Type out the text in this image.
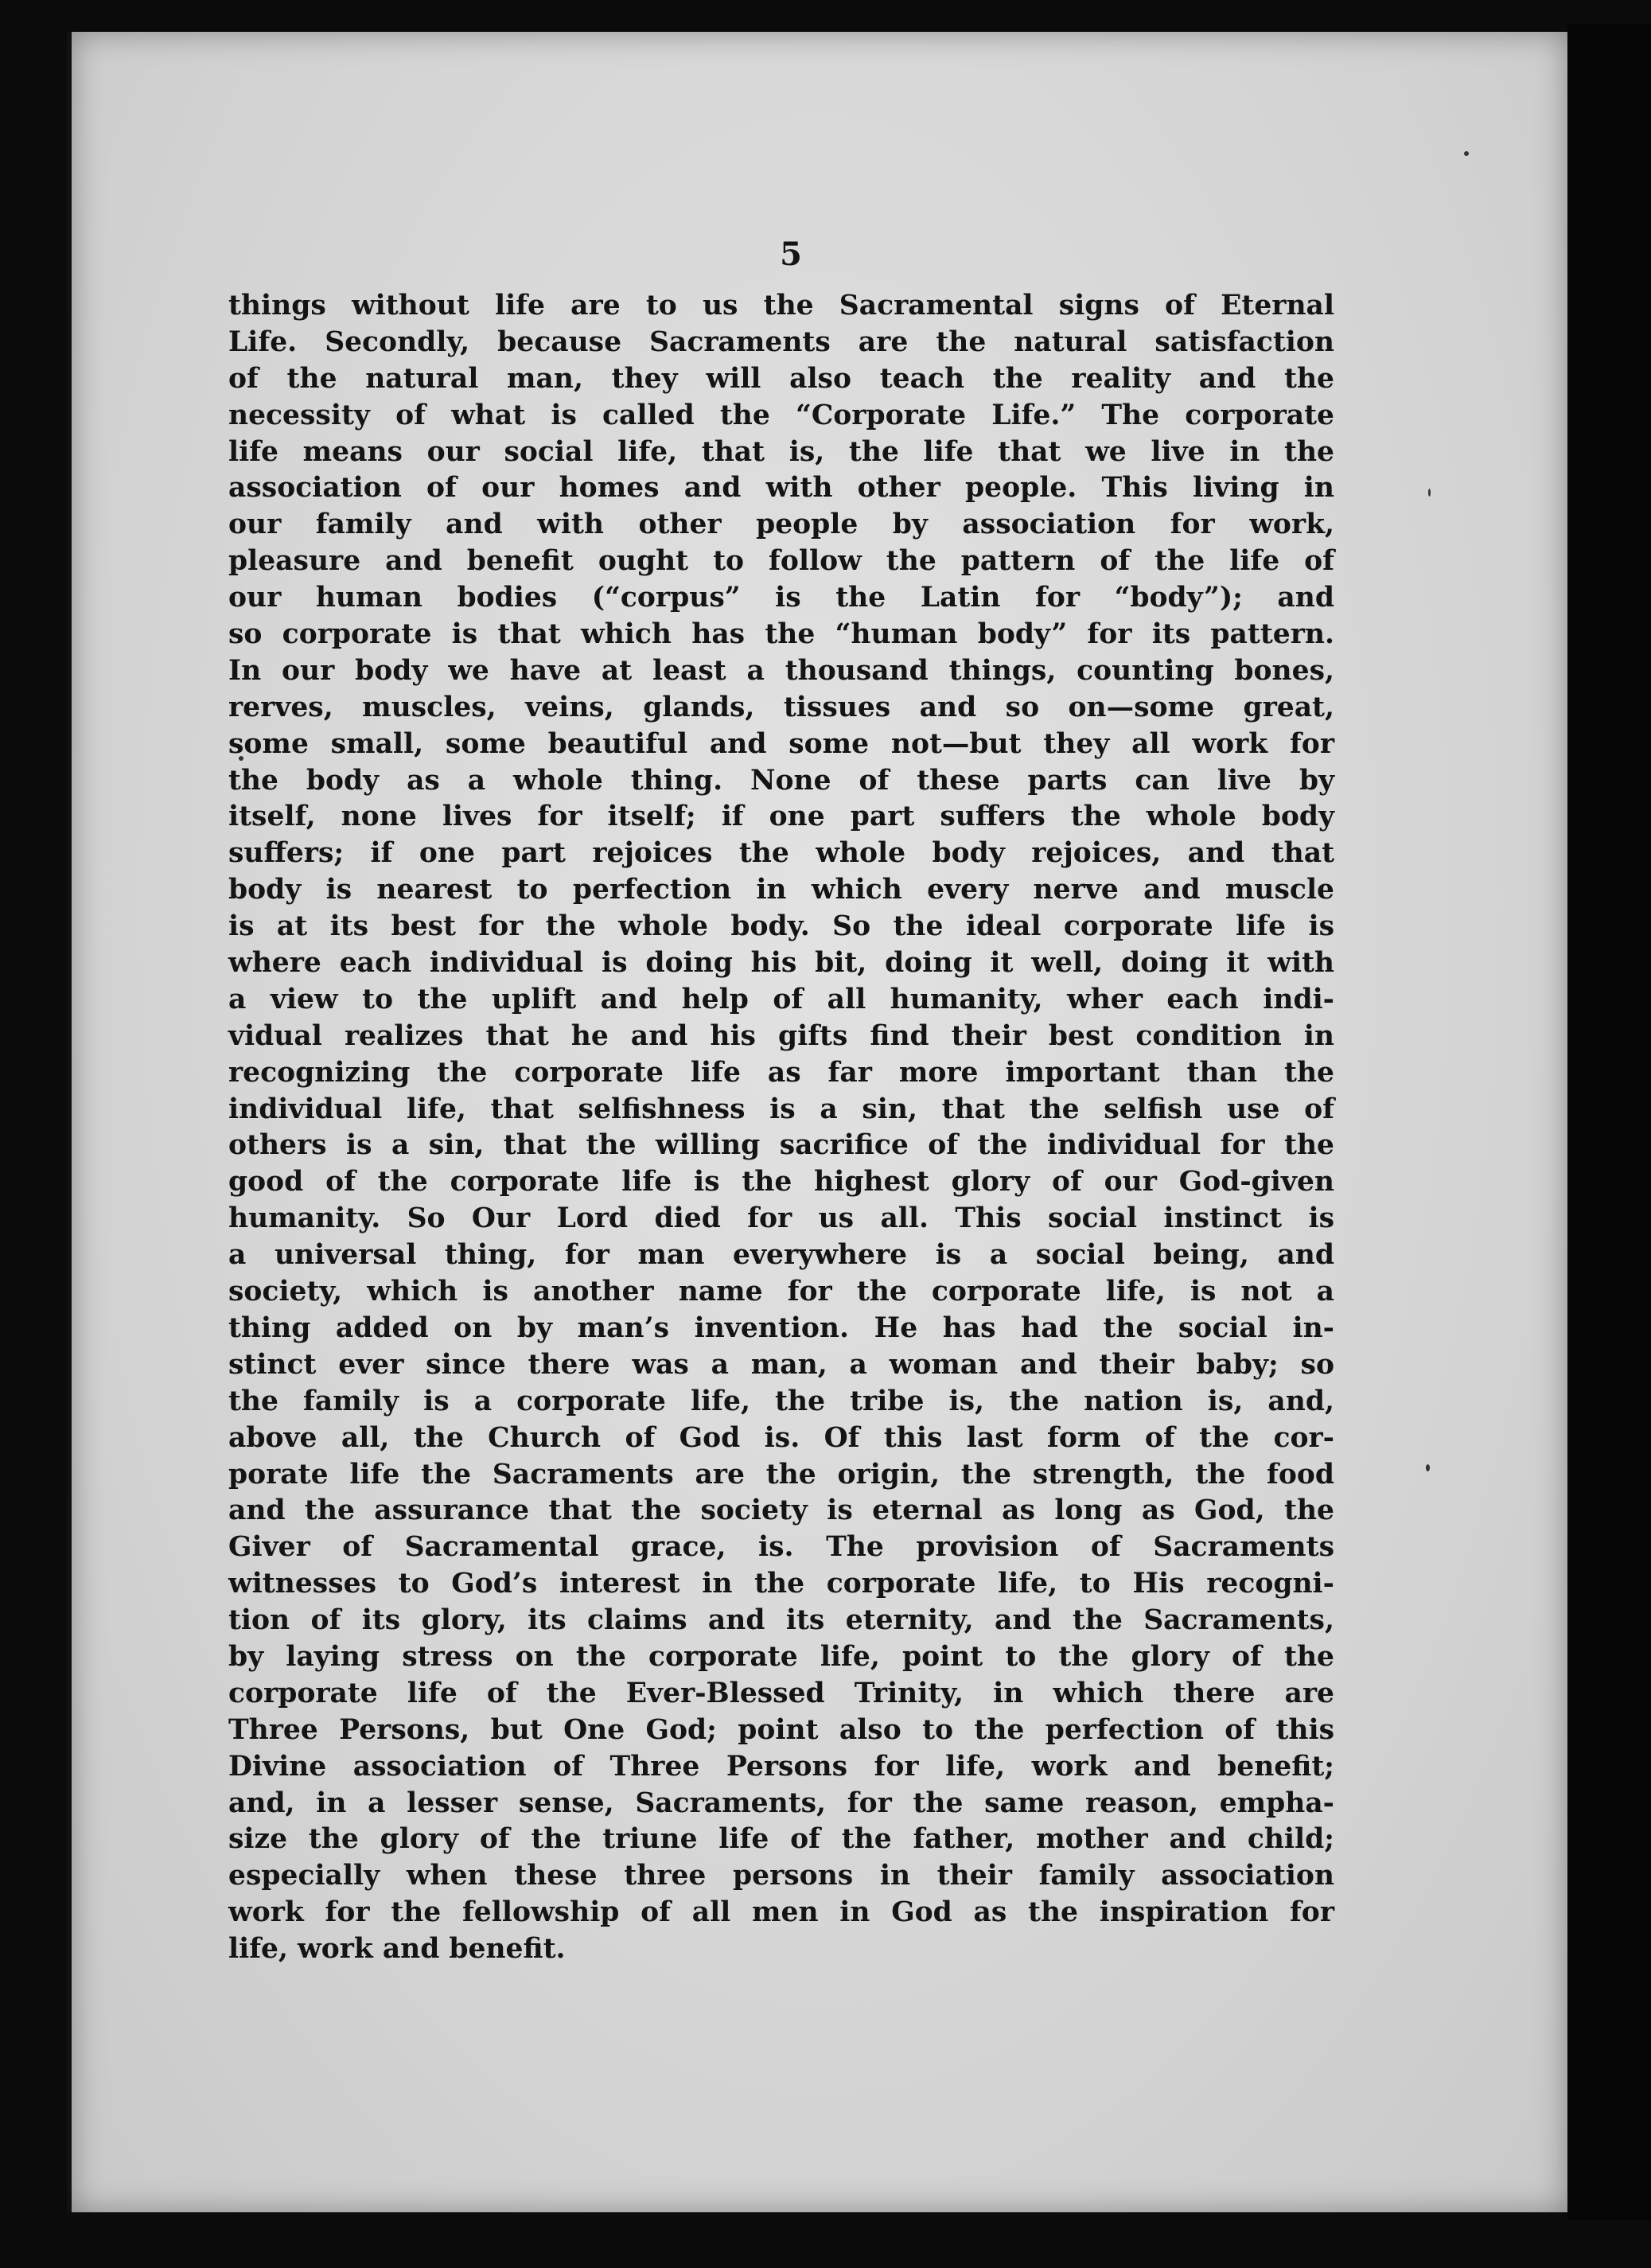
5
things without life are to us the Sacramental signs of Eternal
Life. Secondly, because Sacraments are the natural satisfaction
of the natural man, they will also teach the reality and the
necessity of what is called the “Corporate Life.” The corporate
life means our social life, that is, the life that we live in the
association of our homes and with other people. This living in
our family and with other people by association for work,
pleasure and benefit ought to follow the pattern of the life of
our human bodies (“corpus” is the Latin for “body”); and
so corporate is that which has the “human body” for its pattern.
In our body we have at least a thousand things, counting bones,
rerves, muscles, veins, glands, tissues and so on—some great,
some small, some beautiful and some not—but they all work for
the body as a whole thing. None of these parts can live by
itself, none lives for itself; if one part suffers the whole body
suffers; if one part rejoices the whole body rejoices, and that
body is nearest to perfection in which every nerve and muscle
is at its best for the whole body. So the ideal corporate life is
where each individual is doing his bit, doing it well, doing it with
a view to the uplift and help of all humanity, wher each indi-
vidual realizes that he and his gifts find their best condition in
recognizing the corporate life as far more important than the
individual life, that selfishness is a sin, that the selfish use of
others is a sin, that the willing sacrifice of the individual for the
good of the corporate life is the highest glory of our God-given
humanity. So Our Lord died for us all. This social instinct is
a universal thing, for man everywhere is a social being, and
society, which is another name for the corporate life, is not a
thing added on by man’s invention. He has had the social in-
stinct ever since there was a man, a woman and their baby; so
the family is a corporate life, the tribe is, the nation is, and,
above all, the Church of God is. Of this last form of the cor-
porate life the Sacraments are the origin, the strength, the food
and the assurance that the society is eternal as long as God, the
Giver of Sacramental grace, is. The provision of Sacraments
witnesses to God’s interest in the corporate life, to His recogni-
tion of its glory, its claims and its eternity, and the Sacraments,
by laying stress on the corporate life, point to the glory of the
corporate life of the Ever-Blessed Trinity, in which there are
Three Persons, but One God; point also to the perfection of this
Divine association of Three Persons for life, work and benefit;
and, in a lesser sense, Sacraments, for the same reason, empha-
size the glory of the triune life of the father, mother and child;
especially when these three persons in their family association
work for the fellowship of all men in God as the inspiration for
life, work and benefit.
